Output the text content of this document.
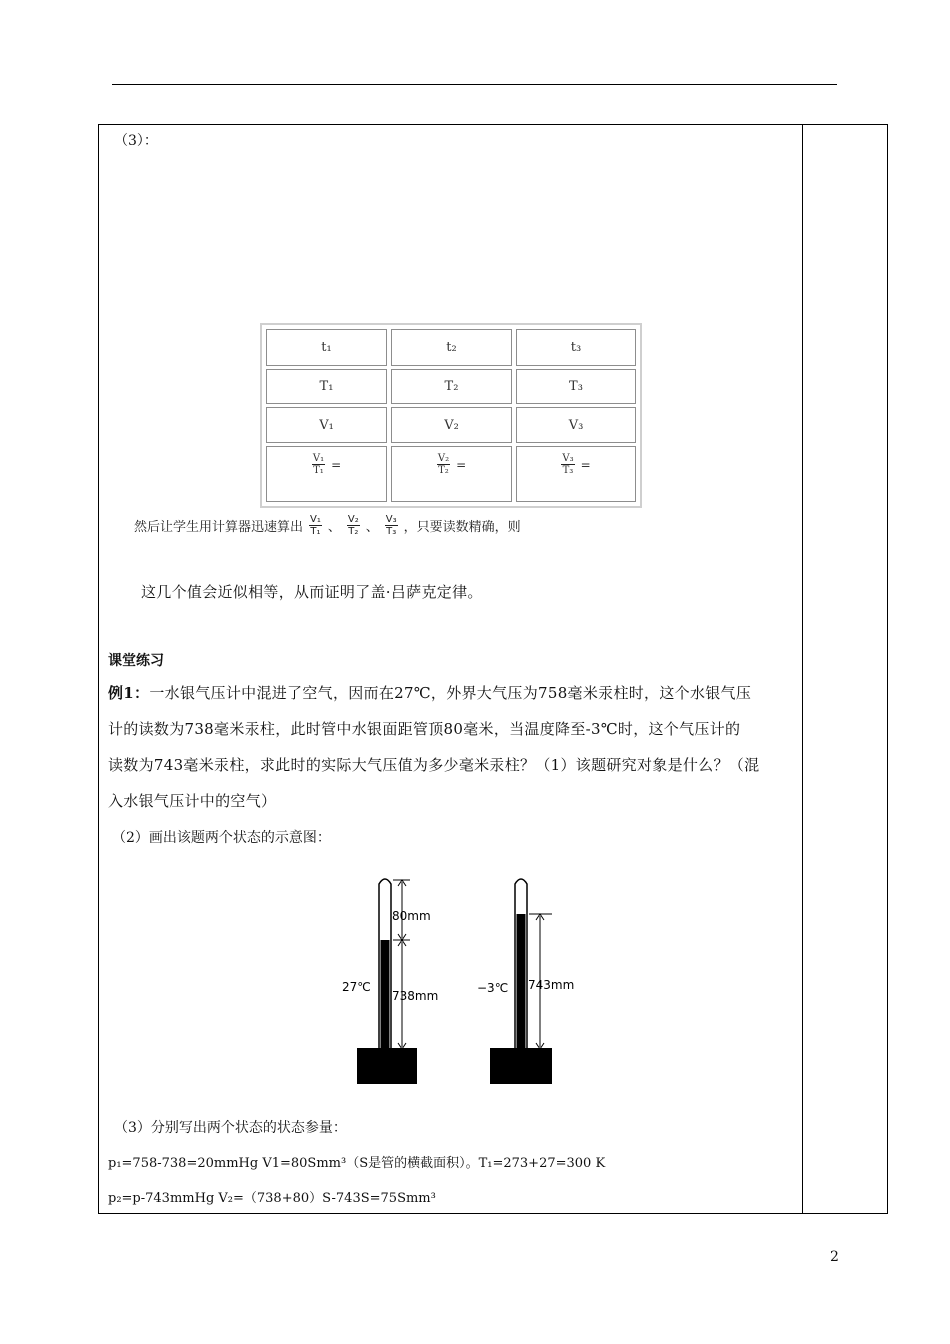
（3）：
t₁	t₂	t₃
T₁	T₂	T₃
V₁	V₂	V₃
$\frac{\text{V₁}}{\text{T₁}}$ =	$\frac{\text{V₂}}{\text{T₂}}$ =	$\frac{\text{V₃}}{\text{T₃}}$ =
然后让学生用计算器迅速算出 $\frac{\text{V₁}}{\text{T₁}}$ 、 $\frac{\text{V₂}}{\text{T₂}}$ 、 $\frac{\text{V₃}}{\text{T₃}}$ ，只要读数精确，则
这几个值会近似相等，从而证明了盖·吕萨克定律。
课堂练习
例1：一水银气压计中混进了空气，因而在27℃，外界大气压为758毫米汞柱时，这个水银气压
计的读数为738毫米汞柱，此时管中水银面距管顶80毫米，当温度降至-3℃时，这个气压计的
读数为743毫米汞柱，求此时的实际大气压值为多少毫米汞柱？（1）该题研究对象是什么？（混
入水银气压计中的空气）
（2）画出该题两个状态的示意图：
80mm
738mm
27℃	743mm
−3℃
（3）分别写出两个状态的状态参量：
p₁=758-738=20mmHg V1=80Smm³（S是管的横截面积）。T₁=273+27=300 K
p₂=p-743mmHg V₂=（738+80）S-743S=75Smm³
2
